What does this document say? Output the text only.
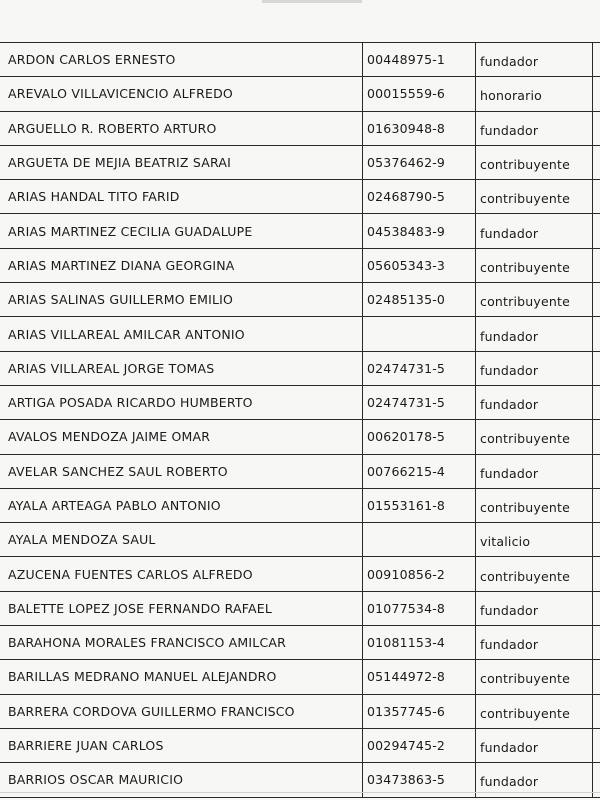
ARDON CARLOS ERNESTO	00448975-1	fundador	
AREVALO VILLAVICENCIO ALFREDO	00015559-6	honorario	
ARGUELLO R. ROBERTO ARTURO	01630948-8	fundador	
ARGUETA DE MEJIA BEATRIZ SARAI	05376462-9	contribuyente	
ARIAS HANDAL TITO FARID	02468790-5	contribuyente	
ARIAS MARTINEZ CECILIA GUADALUPE	04538483-9	fundador	
ARIAS MARTINEZ DIANA GEORGINA	05605343-3	contribuyente	
ARIAS SALINAS GUILLERMO EMILIO	02485135-0	contribuyente	
ARIAS VILLAREAL AMILCAR ANTONIO		fundador	
ARIAS VILLAREAL JORGE TOMAS	02474731-5	fundador	
ARTIGA POSADA RICARDO HUMBERTO	02474731-5	fundador	
AVALOS MENDOZA JAIME OMAR	00620178-5	contribuyente	
AVELAR SANCHEZ SAUL ROBERTO	00766215-4	fundador	
AYALA ARTEAGA PABLO ANTONIO	01553161-8	contribuyente	
AYALA MENDOZA SAUL		vitalicio	
AZUCENA FUENTES CARLOS ALFREDO	00910856-2	contribuyente	
BALETTE LOPEZ JOSE FERNANDO RAFAEL	01077534-8	fundador	
BARAHONA MORALES FRANCISCO AMILCAR	01081153-4	fundador	
BARILLAS MEDRANO MANUEL ALEJANDRO	05144972-8	contribuyente	
BARRERA CORDOVA GUILLERMO FRANCISCO	01357745-6	contribuyente	
BARRIERE JUAN CARLOS	00294745-2	fundador	
BARRIOS OSCAR MAURICIO	03473863-5	fundador	
